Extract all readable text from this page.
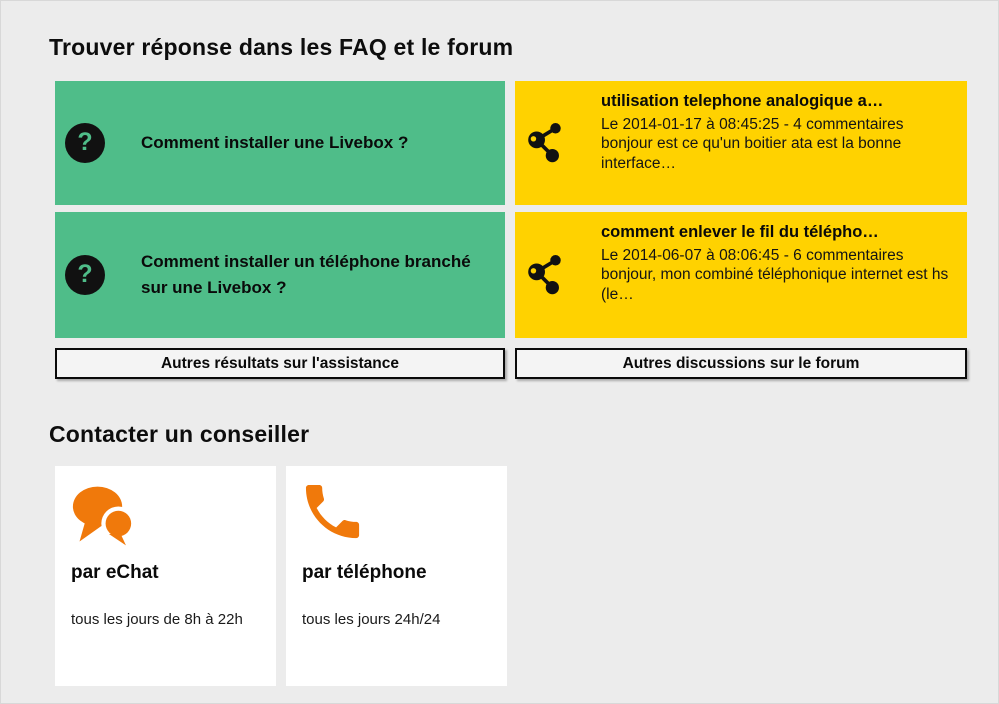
Trouver réponse dans les FAQ et le forum
?	Comment installer une Livebox ?
?	Comment installer un téléphone branché sur une Livebox ?
utilisation telephone analogique a…
Le 2014-01-17 à 08:45:25 - 4 commentaires
bonjour est ce qu'un boitier ata est la bonne interface…
comment enlever le fil du télépho…
Le 2014-06-07 à 08:06:45 - 6 commentaires
bonjour, mon combiné téléphonique internet est hs (le…
Autres résultats sur l'assistance	Autres discussions sur le forum
Contacter un conseiller
par eChat
tous les jours de 8h à 22h
par téléphone
tous les jours 24h/24
